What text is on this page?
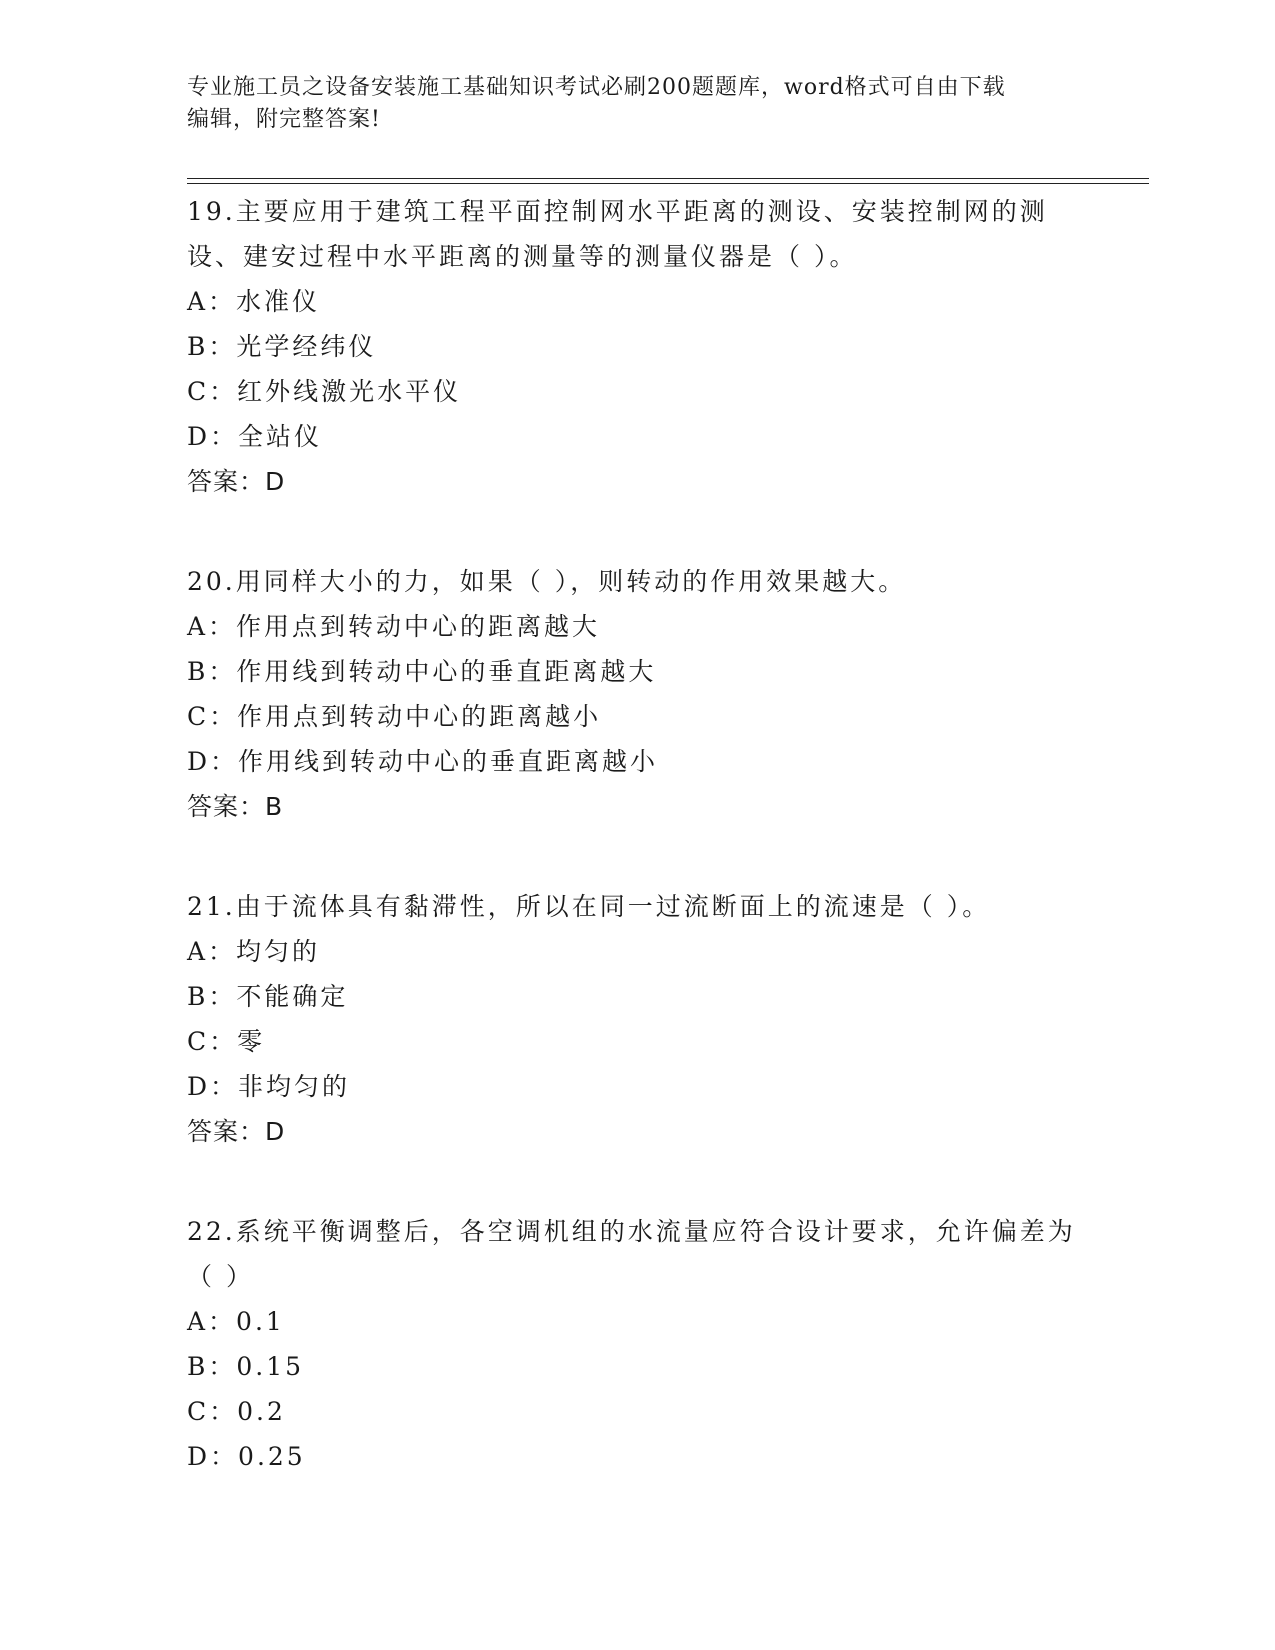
专业施工员之设备安装施工基础知识考试必刷200题题库，word格式可自由下载
编辑，附完整答案!
19.主要应用于建筑工程平面控制网水平距离的测设、安装控制网的测设、建安过程中水平距离的测量等的测量仪器是（ ）。
A：水准仪
B：光学经纬仪
C：红外线激光水平仪
D：全站仪
答案：D
20.用同样大小的力，如果（ ），则转动的作用效果越大。
A：作用点到转动中心的距离越大
B：作用线到转动中心的垂直距离越大
C：作用点到转动中心的距离越小
D：作用线到转动中心的垂直距离越小
答案：B
21.由于流体具有黏滞性，所以在同一过流断面上的流速是（ ）。
A：均匀的
B：不能确定
C：零
D：非均匀的
答案：D
22.系统平衡调整后，各空调机组的水流量应符合设计要求，允许偏差为（ ）
A：0.1
B：0.15
C：0.2
D：0.25
